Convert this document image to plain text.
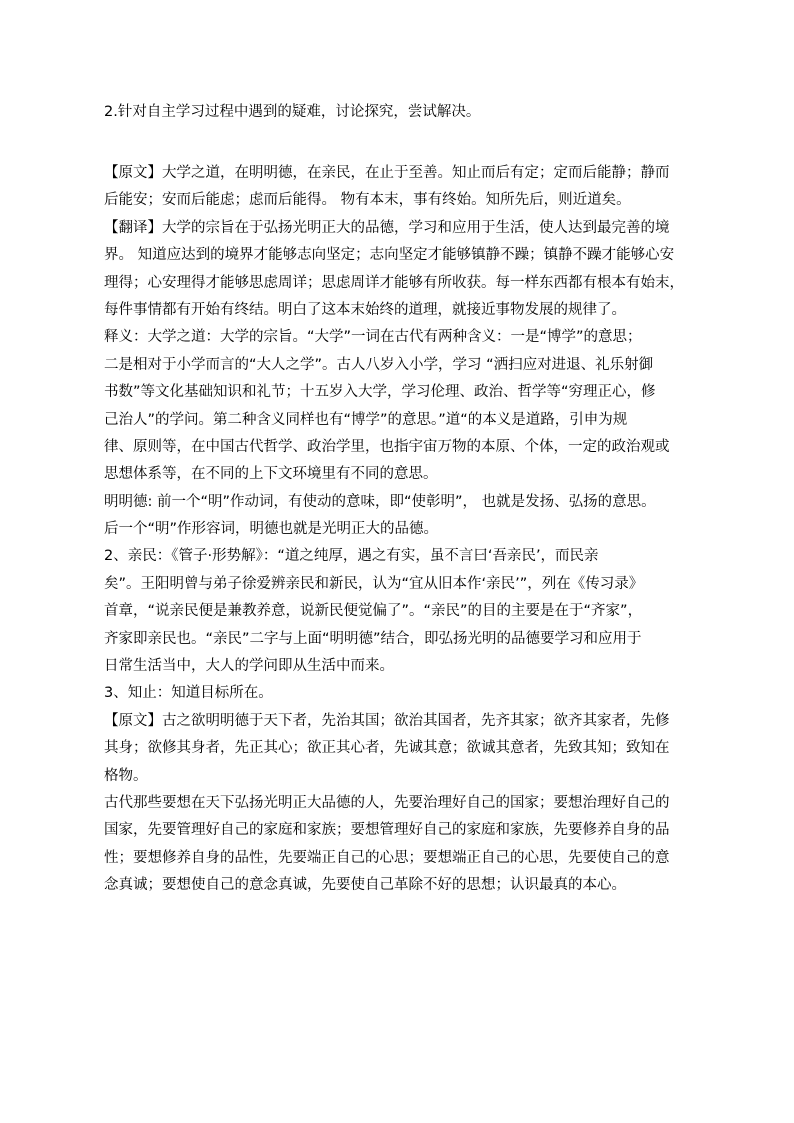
2.针对自主学习过程中遇到的疑难，讨论探究，尝试解决。
【原文】大学之道，在明明德，在亲民，在止于至善。知止而后有定；定而后能静；静而
后能安；安而后能虑；虑而后能得。 物有本末，事有终始。知所先后，则近道矣。
【翻译】大学的宗旨在于弘扬光明正大的品德，学习和应用于生活，使人达到最完善的境
界。 知道应达到的境界才能够志向坚定；志向坚定才能够镇静不躁；镇静不躁才能够心安
理得；心安理得才能够思虑周详；思虑周详才能够有所收获。每一样东西都有根本有始末，
每件事情都有开始有终结。明白了这本末始终的道理，就接近事物发展的规律了。
释义：大学之道：大学的宗旨。“大学”一词在古代有两种含义：一是“博学”的意思；
二是相对于小学而言的“大人之学”。古人八岁入小学，学习 “洒扫应对进退、礼乐射御
书数”等文化基础知识和礼节；十五岁入大学，学习伦理、政治、哲学等“穷理正心，修
己治人”的学问。第二种含义同样也有“博学”的意思。”道“的本义是道路，引申为规
律、原则等，在中国古代哲学、政治学里，也指宇宙万物的本原、个体，一定的政治观或
思想体系等，在不同的上下文环境里有不同的意思。
明明德: 前一个“明”作动词，有使动的意味，即“使彰明”， 也就是发扬、弘扬的意思。
后一个“明”作形容词，明德也就是光明正大的品德。
2、亲民：《管子·形势解》：“道之纯厚，遇之有实，虽不言曰‘吾亲民’，而民亲
矣”。王阳明曾与弟子徐爱辨亲民和新民，认为“宜从旧本作‘亲民’”，列在《传习录》
首章，“说亲民便是兼教养意，说新民便觉偏了”。“亲民”的目的主要是在于“齐家”，
齐家即亲民也。“亲民”二字与上面“明明德”结合，即弘扬光明的品德要学习和应用于
日常生活当中，大人的学问即从生活中而来。
3、知止：知道目标所在。
【原文】古之欲明明德于天下者，先治其国；欲治其国者，先齐其家；欲齐其家者，先修
其身；欲修其身者，先正其心；欲正其心者，先诚其意；欲诚其意者，先致其知；致知在
格物。
古代那些要想在天下弘扬光明正大品德的人，先要治理好自己的国家；要想治理好自己的
国家，先要管理好自己的家庭和家族；要想管理好自己的家庭和家族，先要修养自身的品
性；要想修养自身的品性，先要端正自己的心思；要想端正自己的心思，先要使自己的意
念真诚；要想使自己的意念真诚，先要使自己革除不好的思想；认识最真的本心。
